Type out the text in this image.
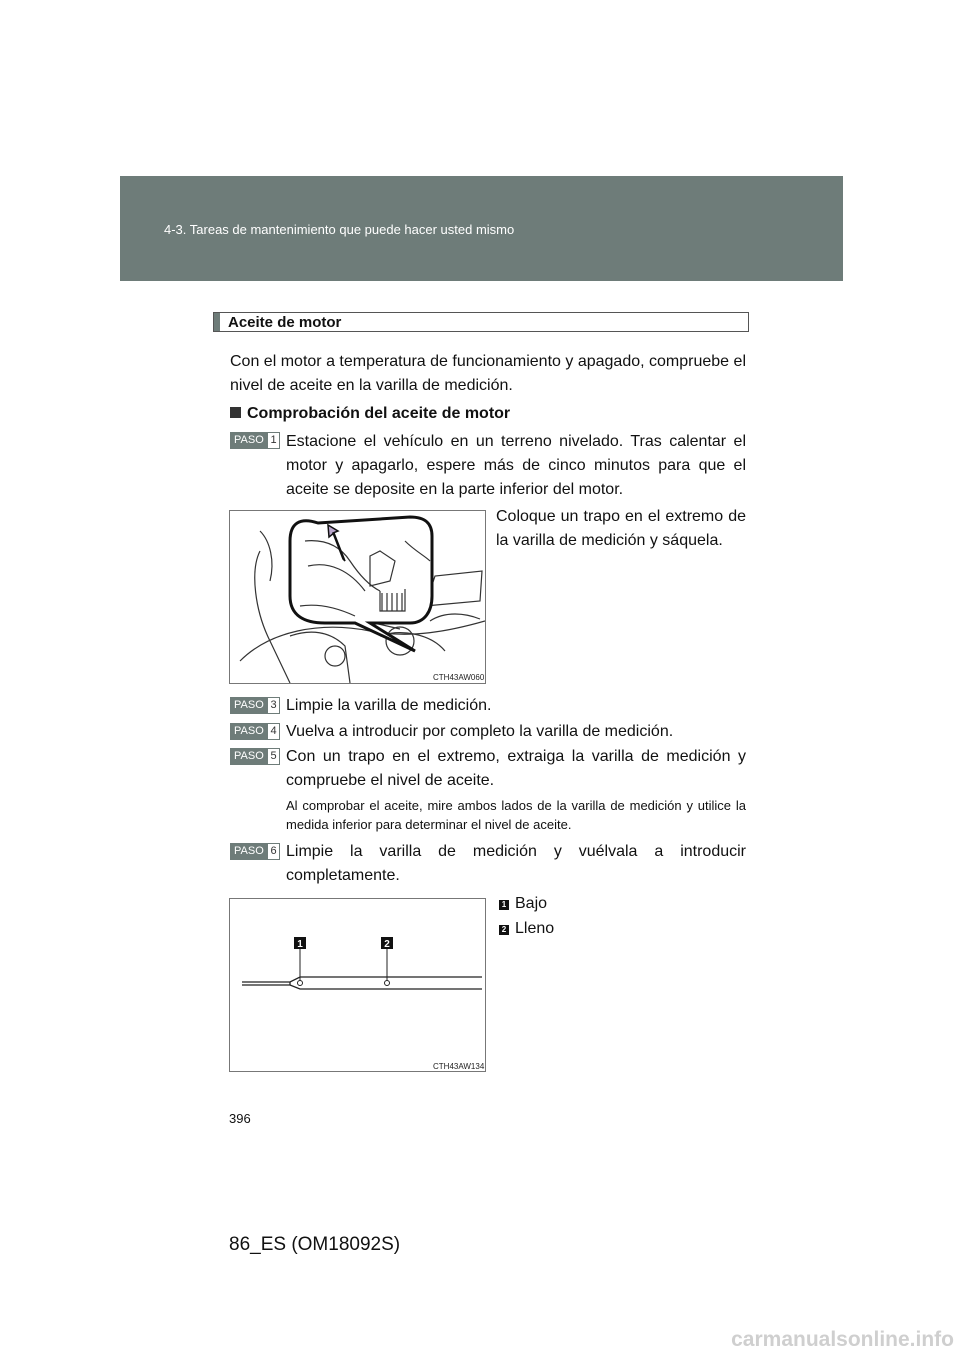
4-3. Tareas de mantenimiento que puede hacer usted mismo
Aceite de motor
Con el motor a temperatura de funcionamiento y apagado, compruebe el nivel de aceite en la varilla de medición.
Comprobación del aceite de motor
PASO 1 Estacione el vehículo en un terreno nivelado. Tras calentar el motor y apagarlo, espere más de cinco minutos para que el aceite se deposite en la parte inferior del motor.
Coloque un trapo en el extremo de la varilla de medición y sáquela.
CTH43AW060
PASO 3 Limpie la varilla de medición.
PASO 4 Vuelva a introducir por completo la varilla de medición.
PASO 5 Con un trapo en el extremo, extraiga la varilla de medición y compruebe el nivel de aceite.
Al comprobar el aceite, mire ambos lados de la varilla de medición y utilice la medida inferior para determinar el nivel de aceite.
PASO 6 Limpie la varilla de medición y vuélvala a introducir completamente.
1	2
CTH43AW134
1 Bajo
2 Lleno
396
86_ES (OM18092S)
carmanualsonline.info
